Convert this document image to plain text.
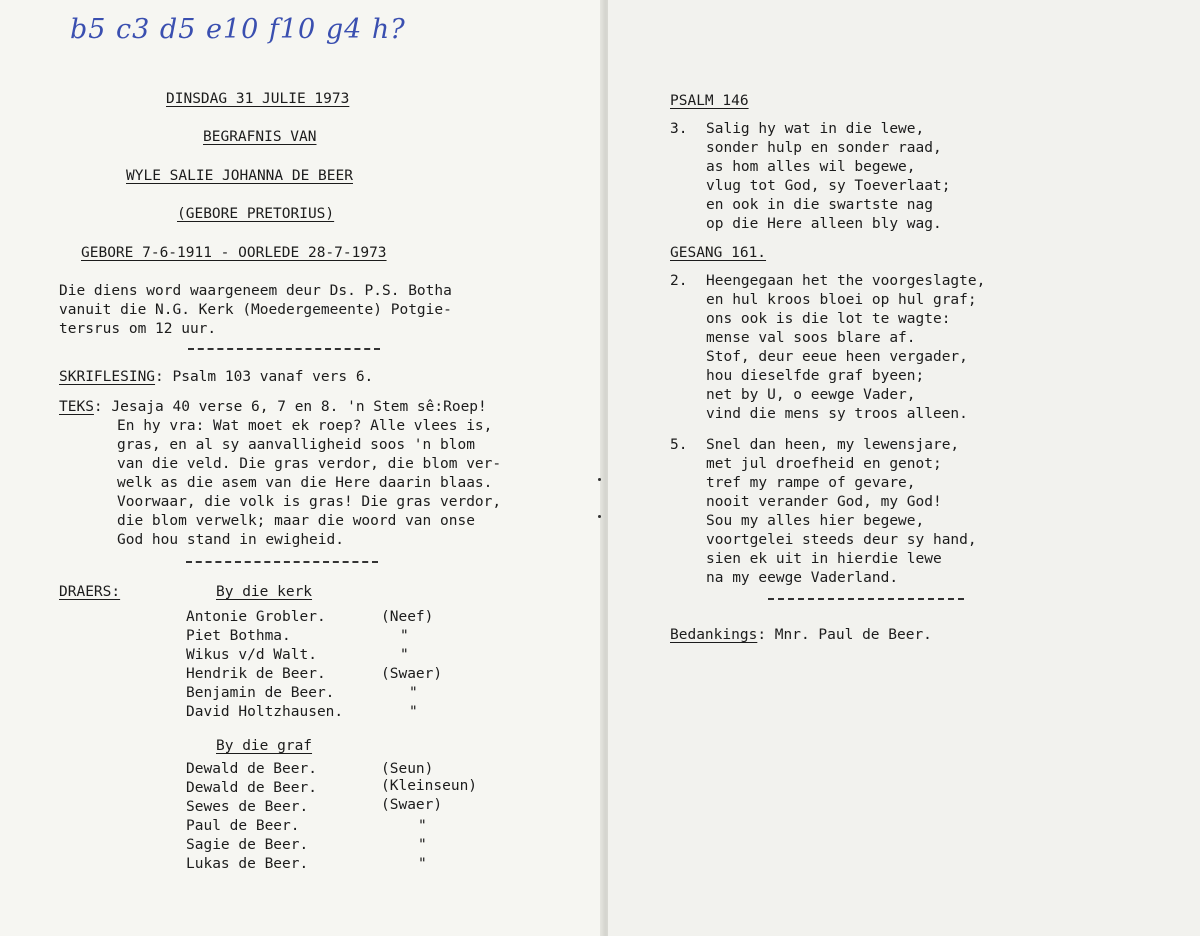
b5 c3 d5 e10 f10 g4 h?
DINSDAG 31 JULIE 1973
BEGRAFNIS VAN
WYLE SALIE JOHANNA DE BEER
(GEBORE PRETORIUS)
GEBORE 7-6-1911 - OORLEDE 28-7-1973
Die diens word waargeneem deur Ds. P.S. Botha
vanuit die N.G. Kerk (Moedergemeente) Potgie-
tersrus om 12 uur.
SKRIFLESING: Psalm 103 vanaf vers 6.
TEKS: Jesaja 40 verse 6, 7 en 8. 'n Stem sê:Roep!
En hy vra: Wat moet ek roep? Alle vlees is,
gras, en al sy aanvalligheid soos 'n blom
van die veld. Die gras verdor, die blom ver-
welk as die asem van die Here daarin blaas.
Voorwaar, die volk is gras! Die gras verdor,
die blom verwelk; maar die woord van onse
God hou stand in ewigheid.
DRAERS:	By die kerk
Antonie Grobler.	(Neef)
Piet Bothma.	"
Wikus v/d Walt.	"
Hendrik de Beer.	(Swaer)
Benjamin de Beer.	"
David Holtzhausen.	"
By die graf
Dewald de Beer.	(Seun)
Dewald de Beer.	(Kleinseun)
Sewes de Beer.	(Swaer)
Paul de Beer.	"
Sagie de Beer.	"
Lukas de Beer.	"
PSALM 146
3. Salig hy wat in die lewe,
sonder hulp en sonder raad,
as hom alles wil begewe,
vlug tot God, sy Toeverlaat;
en ook in die swartste nag
op die Here alleen bly wag.
GESANG 161.
2. Heengegaan het the voorgeslagte,
en hul kroos bloei op hul graf;
ons ook is die lot te wagte:
mense val soos blare af.
Stof, deur eeue heen vergader,
hou dieselfde graf byeen;
net by U, o eewge Vader,
vind die mens sy troos alleen.
5. Snel dan heen, my lewensjare,
met jul droefheid en genot;
tref my rampe of gevare,
nooit verander God, my God!
Sou my alles hier begewe,
voortgelei steeds deur sy hand,
sien ek uit in hierdie lewe
na my eewge Vaderland.
Bedankings: Mnr. Paul de Beer.
